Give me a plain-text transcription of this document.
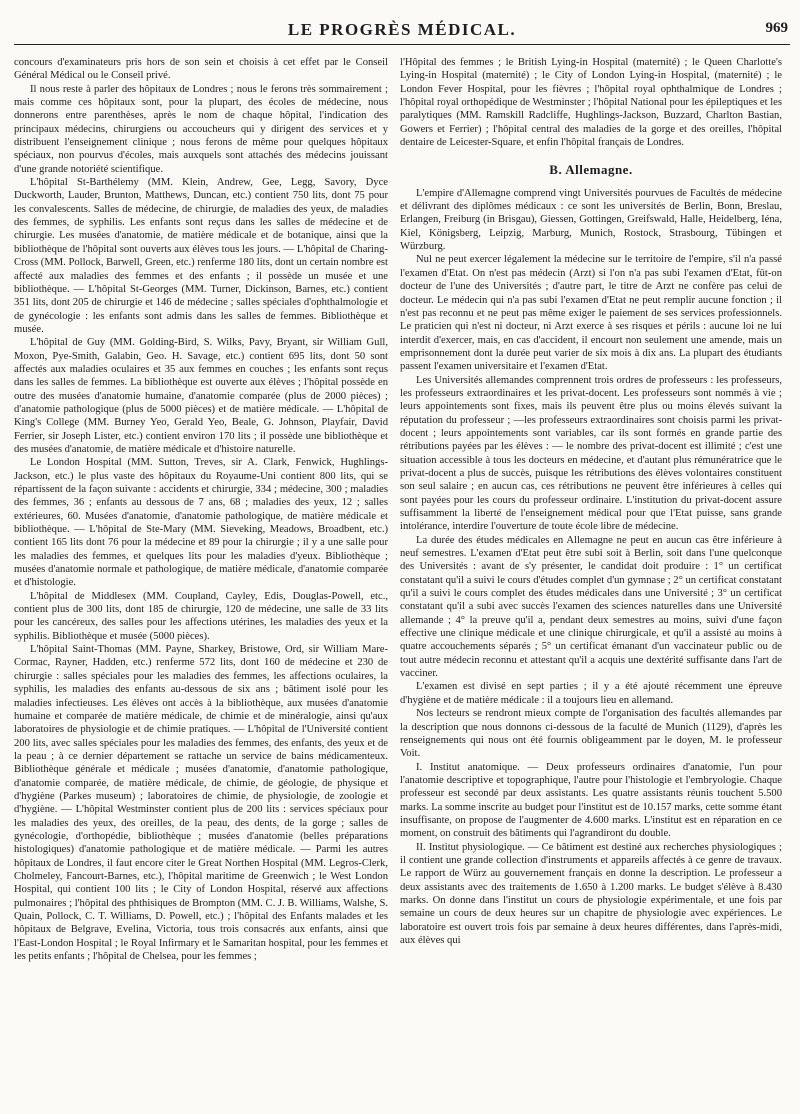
LE PROGRÈS MÉDICAL.	969

concours d'examinateurs pris hors de son sein et choisis à cet effet par le Conseil Général Médical ou le Conseil privé.

Il nous reste à parler des hôpitaux de Londres ; nous le ferons très sommairement ; mais comme ces hôpitaux sont, pour la plupart, des écoles de médecine, nous donnerons entre parenthèses, après le nom de chaque hôpital, l'indication des principaux médecins, chirurgiens ou accoucheurs qui y dirigent des services et y distribuent l'enseignement clinique ; nous ferons de même pour quelques hôpitaux spéciaux, non pourvus d'écoles, mais auxquels sont attachés des médecins jouissant d'une grande notoriété scientifique.

L'hôpital St-Barthélemy (MM. Klein, Andrew, Gee, Legg, Savory, Dyce Duckworth, Lauder, Brunton, Matthews, Duncan, etc.) contient 750 lits, dont 75 pour les convalescents. Salles de médecine, de chirurgie, de maladies des yeux, de maladies des femmes, de syphilis. Les enfants sont reçus dans les salles de médecine et de chirurgie. Les musées d'anatomie, de matière médicale et de botanique, ainsi que la bibliothèque de l'hôpital sont ouverts aux élèves tous les jours. — L'hôpital de Charing-Cross (MM. Pollock, Barwell, Green, etc.) renferme 180 lits, dont un certain nombre est affecté aux maladies des femmes et des enfants ; il possède un musée et une bibliothèque. — L'hôpital St-Georges (MM. Turner, Dickinson, Barnes, etc.) contient 351 lits, dont 205 de chirurgie et 146 de médecine ; salles spéciales d'ophthalmologie et de gynécologie : les enfants sont admis dans les salles de femmes. Bibliothèque et musée.

L'hôpital de Guy (MM. Golding-Bird, S. Wilks, Pavy, Bryant, sir William Gull, Moxon, Pye-Smith, Galabin, Geo. H. Savage, etc.) contient 695 lits, dont 50 sont affectés aux maladies oculaires et 35 aux femmes en couches ; les enfants sont reçus dans les salles de femmes. La bibliothèque est ouverte aux élèves ; l'hôpital possède en outre des musées d'anatomie humaine, d'anatomie comparée (plus de 2000 pièces) ; d'anatomie pathologique (plus de 5000 pièces) et de matière médicale. — L'hôpital de King's College (MM. Burney Yeo, Gerald Yeo, Beale, G. Johnson, Playfair, David Ferrier, sir Joseph Lister, etc.) contient environ 170 lits ; il possède une bibliothèque et des musées d'anatomie, de matière médicale et d'histoire naturelle.

Le London Hospital (MM. Sutton, Treves, sir A. Clark, Fenwick, Hughlings-Jackson, etc.) le plus vaste des hôpitaux du Royaume-Uni contient 800 lits, qui se répartissent de la façon suivante : accidents et chirurgie, 334 ; médecine, 300 ; maladies des femmes, 36 ; enfants au dessous de 7 ans, 68 ; maladies des yeux, 12 ; salles extérieures, 60. Musées d'anatomie, d'anatomie pathologique, de matière médicale et bibliothèque. — L'hôpital de Ste-Mary (MM. Sieveking, Meadows, Broadbent, etc.) contient 165 lits dont 76 pour la médecine et 89 pour la chirurgie ; il y a une salle pour les maladies des femmes, et quelques lits pour les maladies d'yeux. Bibliothèque ; musées d'anatomie normale et pathologique, de matière médicale, d'anatomie comparée et d'histologie.

L'hôpital de Middlesex (MM. Coupland, Cayley, Edis, Douglas-Powell, etc., contient plus de 300 lits, dont 185 de chirurgie, 120 de médecine, une salle de 33 lits pour les cancéreux, des salles pour les affections utérines, les maladies des yeux et la syphilis. Bibliothèque et musée (5000 pièces).

L'hôpital Saint-Thomas (MM. Payne, Sharkey, Bristowe, Ord, sir William Mare-Cormac, Rayner, Hadden, etc.) renferme 572 lits, dont 160 de médecine et 230 de chirurgie : salles spéciales pour les maladies des femmes, les affections oculaires, la syphilis, les maladies des enfants au-dessous de six ans ; bâtiment isolé pour les maladies infectieuses. Les élèves ont accès à la bibliothèque, aux musées d'anatomie humaine et comparée de matière médicale, de chimie et de minéralogie, ainsi qu'aux laboratoires de physiologie et de chimie pratiques. — L'hôpital de l'Université contient 200 lits, avec salles spéciales pour les maladies des femmes, des enfants, des yeux et de la peau ; à ce dernier département se rattache un service de bains médicamenteux. Bibliothèque générale et médicale ; musées d'anatomie, d'anatomie pathologique, d'anatomie comparée, de matière médicale, de chimie, de géologie, de physique et d'hygiène (Parkes museum) ; laboratoires de chimie, de physiologie, de zoologie et d'hygiène. — L'hôpital Westminster contient plus de 200 lits : services spéciaux pour les maladies des yeux, des oreilles, de la peau, des dents, de la gorge ; salles de gynécologie, d'orthopédie, bibliothèque ; musées d'anatomie (belles préparations histologiques) d'anatomie pathologique et de matière médicale. — Parmi les autres hôpitaux de Londres, il faut encore citer le Great Northen Hospital (MM. Legros-Clerk, Cholmeley, Fancourt-Barnes, etc.), l'hôpital maritime de Greenwich ; le West London Hospital, qui contient 100 lits ; le City of London Hospital, réservé aux affections pulmonaires ; l'hôpital des phthisiques de Brompton (MM. C. J. B. Williams, Walshe, S. Quain, Pollock, C. T. Williams, D. Powell, etc.) ; l'hôpital des Enfants malades et les hôpitaux de Belgrave, Evelina, Victoria, tous trois consacrés aux enfants, ainsi que l'East-London Hospital ; le Royal Infirmary et le Samaritan hospital, pour les femmes et les petits enfants ; l'hôpital de Chelsea, pour les femmes ;

l'Hôpital des femmes ; le British Lying-in Hospital (maternité) ; le Queen Charlotte's Lying-in Hospital (maternité) ; le City of London Lying-in Hospital, (maternité) ; le London Fever Hospital, pour les fièvres ; l'hôpital royal ophthalmique de Londres ; l'hôpital royal orthopédique de Westminster ; l'hôpital National pour les épileptiques et les paralytiques (MM. Ramskill Radcliffe, Hughlings-Jackson, Buzzard, Charlton Bastian, Gowers et Ferrier) ; l'hôpital central des maladies de la gorge et des oreilles, l'hôpital dentaire de Leicester-Square, et enfin l'hôpital français de Londres.

B. Allemagne.

L'empire d'Allemagne comprend vingt Universités pourvues de Facultés de médecine et délivrant des diplômes médicaux : ce sont les universités de Berlin, Bonn, Breslau, Erlangen, Freiburg (in Brisgau), Giessen, Gottingen, Greifswald, Halle, Heidelberg, Iéna, Kiel, Königsberg, Leipzig, Marburg, Munich, Rostock, Strasbourg, Tübingen et Würzburg.

Nul ne peut exercer légalement la médecine sur le territoire de l'empire, s'il n'a passé l'examen d'Etat. On n'est pas médecin (Arzt) si l'on n'a pas subi l'examen d'Etat, fût-on docteur de l'une des Universités ; d'autre part, le titre de Arzt ne confère pas celui de docteur. Le médecin qui n'a pas subi l'examen d'Etat ne peut remplir aucune fonction ; il n'est pas reconnu et ne peut pas même exiger le paiement de ses services professionnels. Le praticien qui n'est ni docteur, ni Arzt exerce à ses risques et périls : aucune loi ne lui interdit d'exercer, mais, en cas d'accident, il encourt non seulement une amende, mais un emprisonnement dont la durée peut varier de six mois à dix ans. La plupart des étudiants passent l'examen universitaire et l'examen d'Etat.

Les Universités allemandes comprennent trois ordres de professeurs : les professeurs, les professeurs extraordinaires et les privat-docent. Les professeurs sont nommés à vie ; leurs appointements sont fixes, mais ils peuvent être plus ou moins élevés suivant la réputation du professeur ; —les professeurs extraordinaires sont choisis parmi les privat-docent ; leurs appointements sont variables, car ils sont formés en grande partie des rétributions payées par les élèves : — le nombre des privat-docent est illimité ; c'est une situation accessible à tous les docteurs en médecine, et d'autant plus rémunératrice que le privat-docent a plus de succès, puisque les rétributions des élèves volontaires constituent son seul salaire ; en aucun cas, ces rétributions ne peuvent être inférieures à celles qui sont payées pour les cours du professeur ordinaire. L'institution du privat-docent assure suffisamment la liberté de l'enseignement médical pour que l'Etat puisse, sans grande intolérance, interdire l'ouverture de toute école libre de médecine.

La durée des études médicales en Allemagne ne peut en aucun cas être inférieure à neuf semestres. L'examen d'Etat peut être subi soit à Berlin, soit dans l'une quelconque des Universités : avant de s'y présenter, le candidat doit produire : 1° un certificat constatant qu'il a suivi le cours d'études complet d'un gymnase ; 2° un certificat constatant qu'il a suivi le cours complet des études médicales dans une Université ; 3° un certificat constatant qu'il a subi avec succès l'examen des sciences naturelles dans une Université allemande ; 4° la preuve qu'il a, pendant deux semestres au moins, suivi d'une façon effective une clinique médicale et une clinique chirurgicale, et qu'il a assisté au moins à quatre accouchements séparés ; 5° un certificat émanant d'un vaccinateur public ou de tout autre médecin reconnu et attestant qu'il a acquis une dextérité suffisante dans l'art de vacciner.

L'examen est divisé en sept parties ; il y a été ajouté récemment une épreuve d'hygiène et de matière médicale : il a toujours lieu en allemand.

Nos lecteurs se rendront mieux compte de l'organisation des facultés allemandes par la description que nous donnons ci-dessous de la faculté de Munich (1129), d'après les renseignements qui nous ont été fournis obligeamment par le doyen, M. le professeur Voit.

I. Institut anatomique. — Deux professeurs ordinaires d'anatomie, l'un pour l'anatomie descriptive et topographique, l'autre pour l'histologie et l'embryologie. Chaque professeur est secondé par deux assistants. Les quatre assistants réunis touchent 5.500 marks. La somme inscrite au budget pour l'institut est de 10.157 marks, cette somme étant insuffisante, on propose de l'augmenter de 4.600 marks. L'institut est en réparation en ce moment, on construit des bâtiments qui l'agrandiront du double.

II. Institut physiologique. — Ce bâtiment est destiné aux recherches physiologiques ; il contient une grande collection d'instruments et appareils affectés à ce genre de travaux. Le rapport de Würz au gouvernement français en donne la description. Le professeur a deux assistants avec des traitements de 1.650 à 1.200 marks. Le budget s'élève à 8.430 marks. On donne dans l'institut un cours de physiologie expérimentale, et une fois par semaine un cours de deux heures sur un chapitre de physiologie avec expériences. Le laboratoire est ouvert trois fois par semaine à deux heures différentes, dans l'après-midi, aux élèves qui
